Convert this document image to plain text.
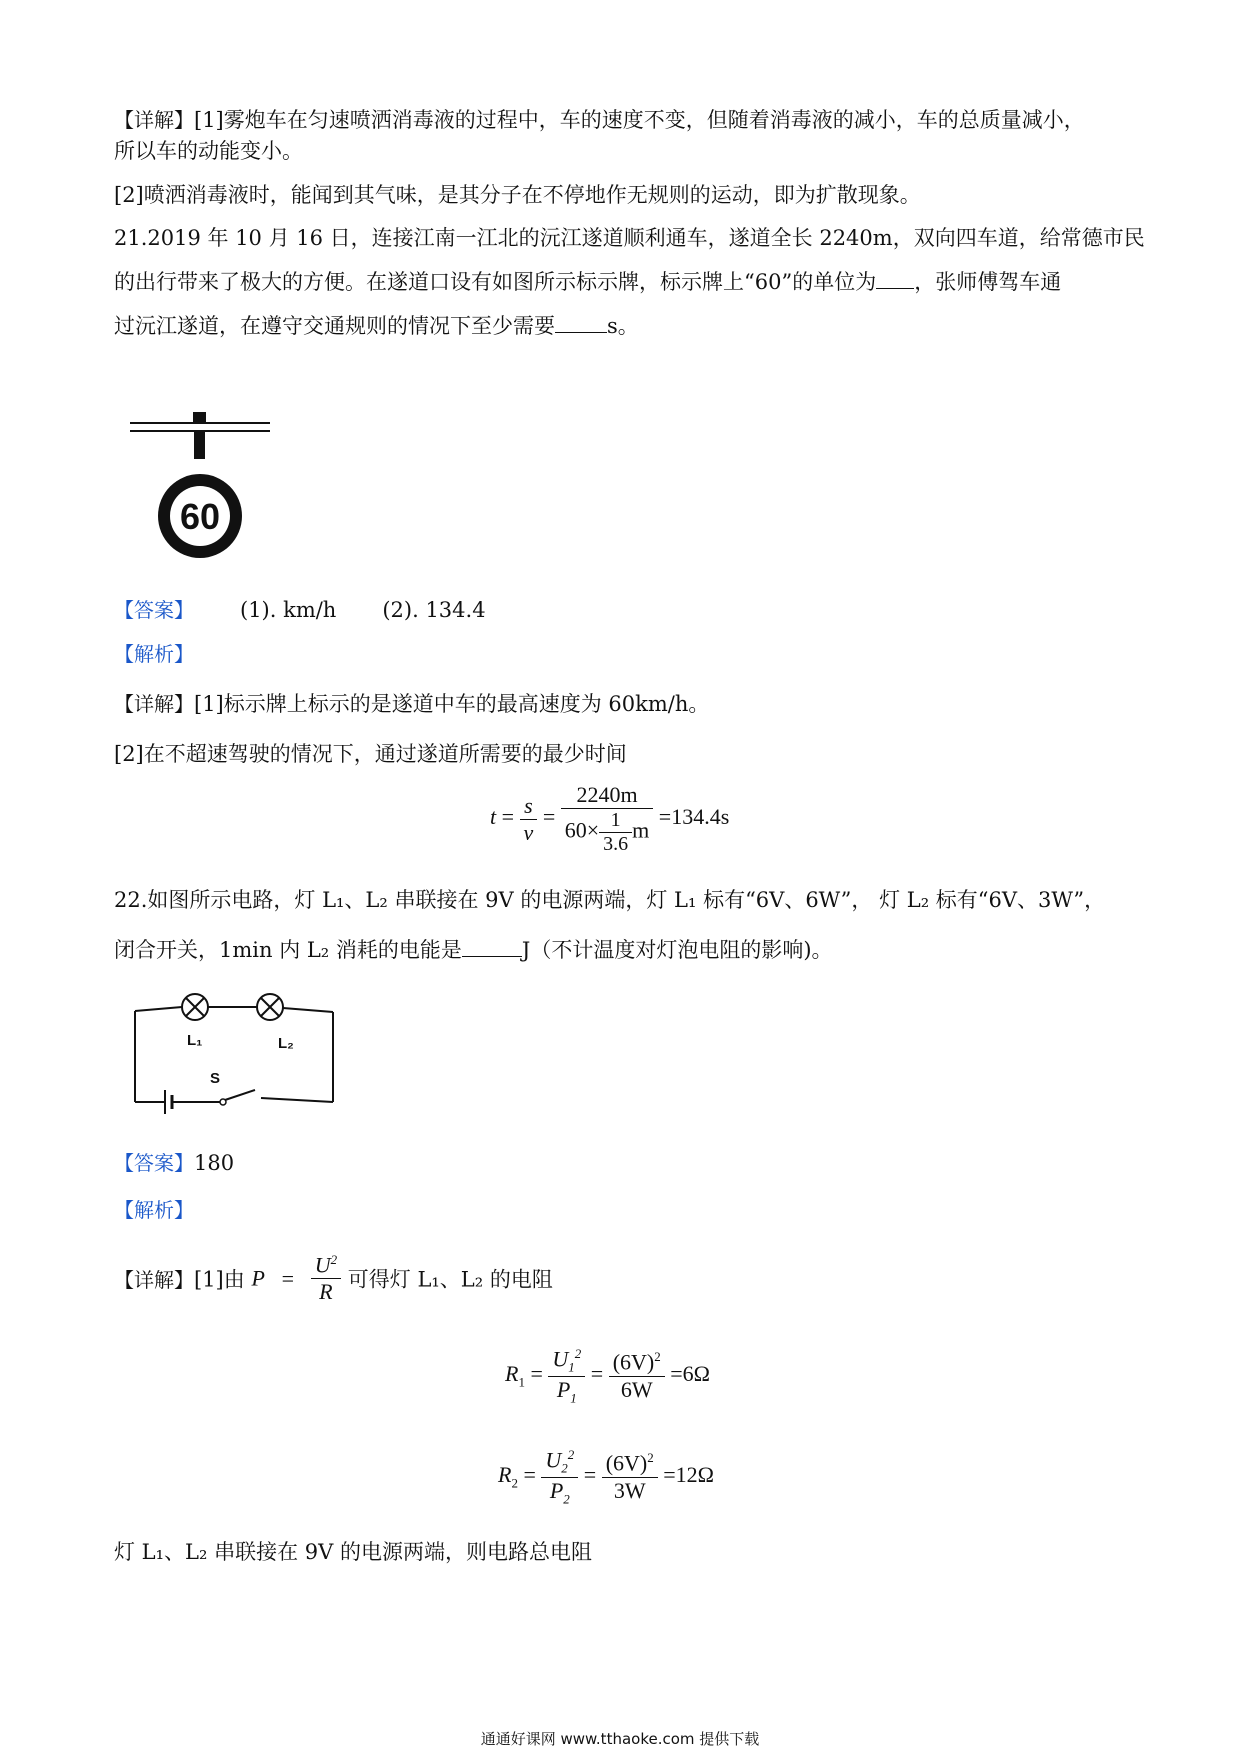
【详解】[1]雾炮车在匀速喷洒消毒液的过程中，车的速度不变，但随着消毒液的减小，车的总质量减小，
所以车的动能变小。
[2]喷洒消毒液时，能闻到其气味，是其分子在不停地作无规则的运动，即为扩散现象。
21.2019 年 10 月 16 日，连接江南一江北的沅江遂道顺利通车，遂道全长 2240m，双向四车道，给常德市民
的出行带来了极大的方便。在遂道口设有如图所示标示牌，标示牌上“60”的单位为 ，张师傅驾车通
过沅江遂道，在遵守交通规则的情况下至少需要 s。
60
【答案】 (1). km/h (2). 134.4
【解析】
【详解】[1]标示牌上标示的是遂道中车的最高速度为 60km/h。
[2]在不超速驾驶的情况下，通过遂道所需要的最少时间
$t = \frac{s}{v} = \frac{2240m}{60\times \frac{1}{3.6} m} =134.4s$
22.如图所示电路，灯 L₁、L₂ 串联接在 9V 的电源两端，灯 L₁ 标有“6V、6W”， 灯 L₂ 标有“6V、3W”，
闭合开关，1min 内 L₂ 消耗的电能是	J（不计温度对灯泡电阻的影响)。
L₁	L₂
S
【答案】180
【解析】
【详解】[1]由 $P = \frac{U^2}{R}$ 可得灯 L₁、L₂ 的电阻
$R_1 = \frac{U_1^2}{P_1} = \frac{(6V)^2}{6W} =6\Omega$
$R_2 = \frac{U_2^2}{P_2} = \frac{(6V)^2}{3W} =12\Omega$
灯 L₁、L₂ 串联接在 9V 的电源两端，则电路总电阻
通通好课网 www.tthaoke.com 提供下载
